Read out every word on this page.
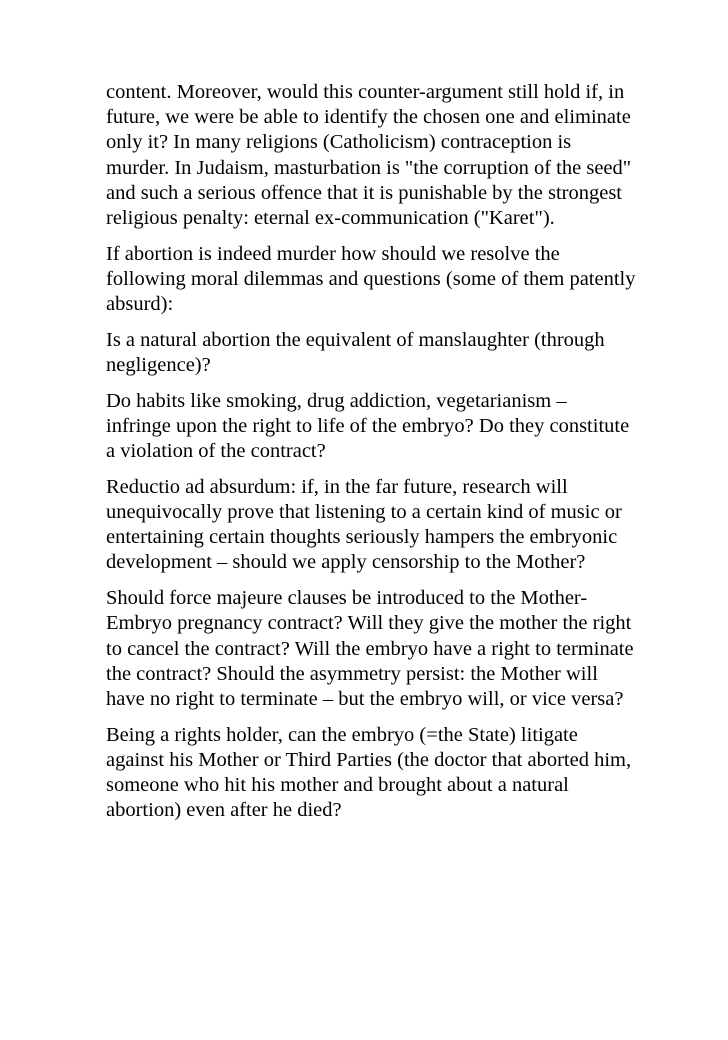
content. Moreover, would this counter-argument still hold if, in future, we were be able to identify the chosen one and eliminate only it? In many religions (Catholicism) contraception is murder. In Judaism, masturbation is "the corruption of the seed" and such a serious offence that it is punishable by the strongest religious penalty: eternal ex-communication ("Karet").

If abortion is indeed murder how should we resolve the following moral dilemmas and questions (some of them patently absurd):

Is a natural abortion the equivalent of manslaughter (through negligence)?

Do habits like smoking, drug addiction, vegetarianism – infringe upon the right to life of the embryo? Do they constitute a violation of the contract?

Reductio ad absurdum: if, in the far future, research will unequivocally prove that listening to a certain kind of music or entertaining certain thoughts seriously hampers the embryonic development – should we apply censorship to the Mother?

Should force majeure clauses be introduced to the Mother-Embryo pregnancy contract? Will they give the mother the right to cancel the contract? Will the embryo have a right to terminate the contract? Should the asymmetry persist: the Mother will have no right to terminate – but the embryo will, or vice versa?

Being a rights holder, can the embryo (=the State) litigate against his Mother or Third Parties (the doctor that aborted him, someone who hit his mother and brought about a natural abortion) even after he died?
